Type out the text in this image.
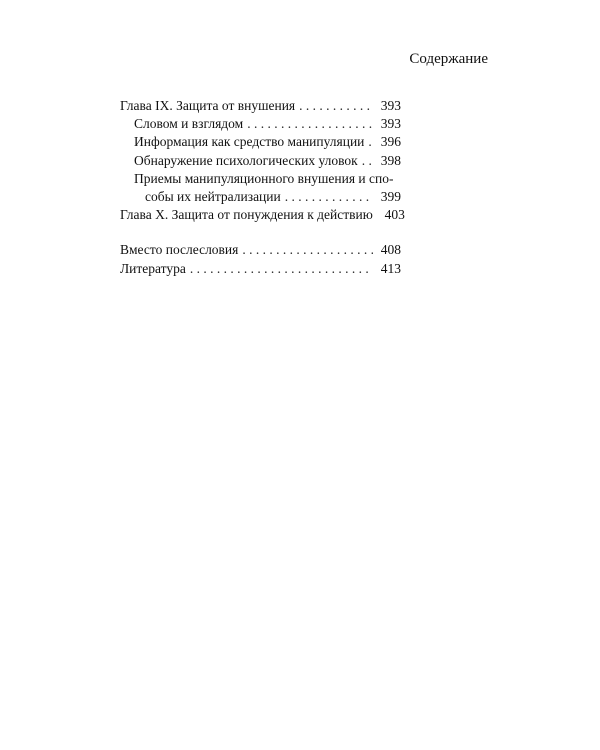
Содержание
Глава IX. Защита от внушения . . .	393
Словом и взглядом . . .	393
Информация как средство манипуляции . . .	396
Обнаружение психологических уловок . . .	398
Приемы манипуляционного внушения и спо-
собы их нейтрализации . . .	399
Глава X. Защита от понуждения к действию 403
Вместо послесловия . . .	408
Литература . . .	413
